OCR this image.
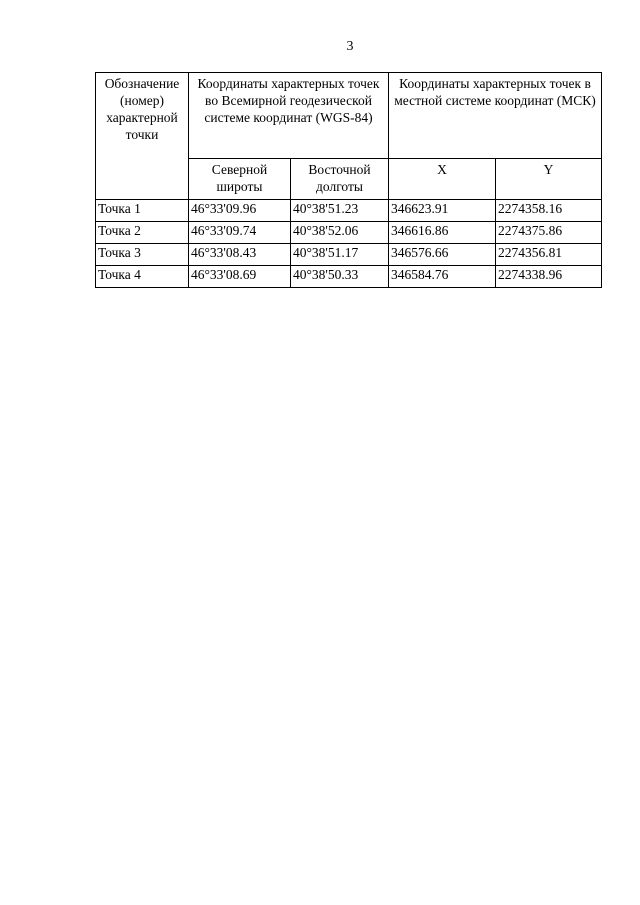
3
Обозначение (номер) характерной точки	Координаты характерных точек во Всемирной геодезической системе координат (WGS-84)		Координаты характерных точек в местной системе координат (МСК)	
	Северной широты	Восточной долготы	X	Y
Точка 1	46°33'09.96	40°38'51.23	346623.91	2274358.16
Точка 2	46°33'09.74	40°38'52.06	346616.86	2274375.86
Точка 3	46°33'08.43	40°38'51.17	346576.66	2274356.81
Точка 4	46°33'08.69	40°38'50.33	346584.76	2274338.96
